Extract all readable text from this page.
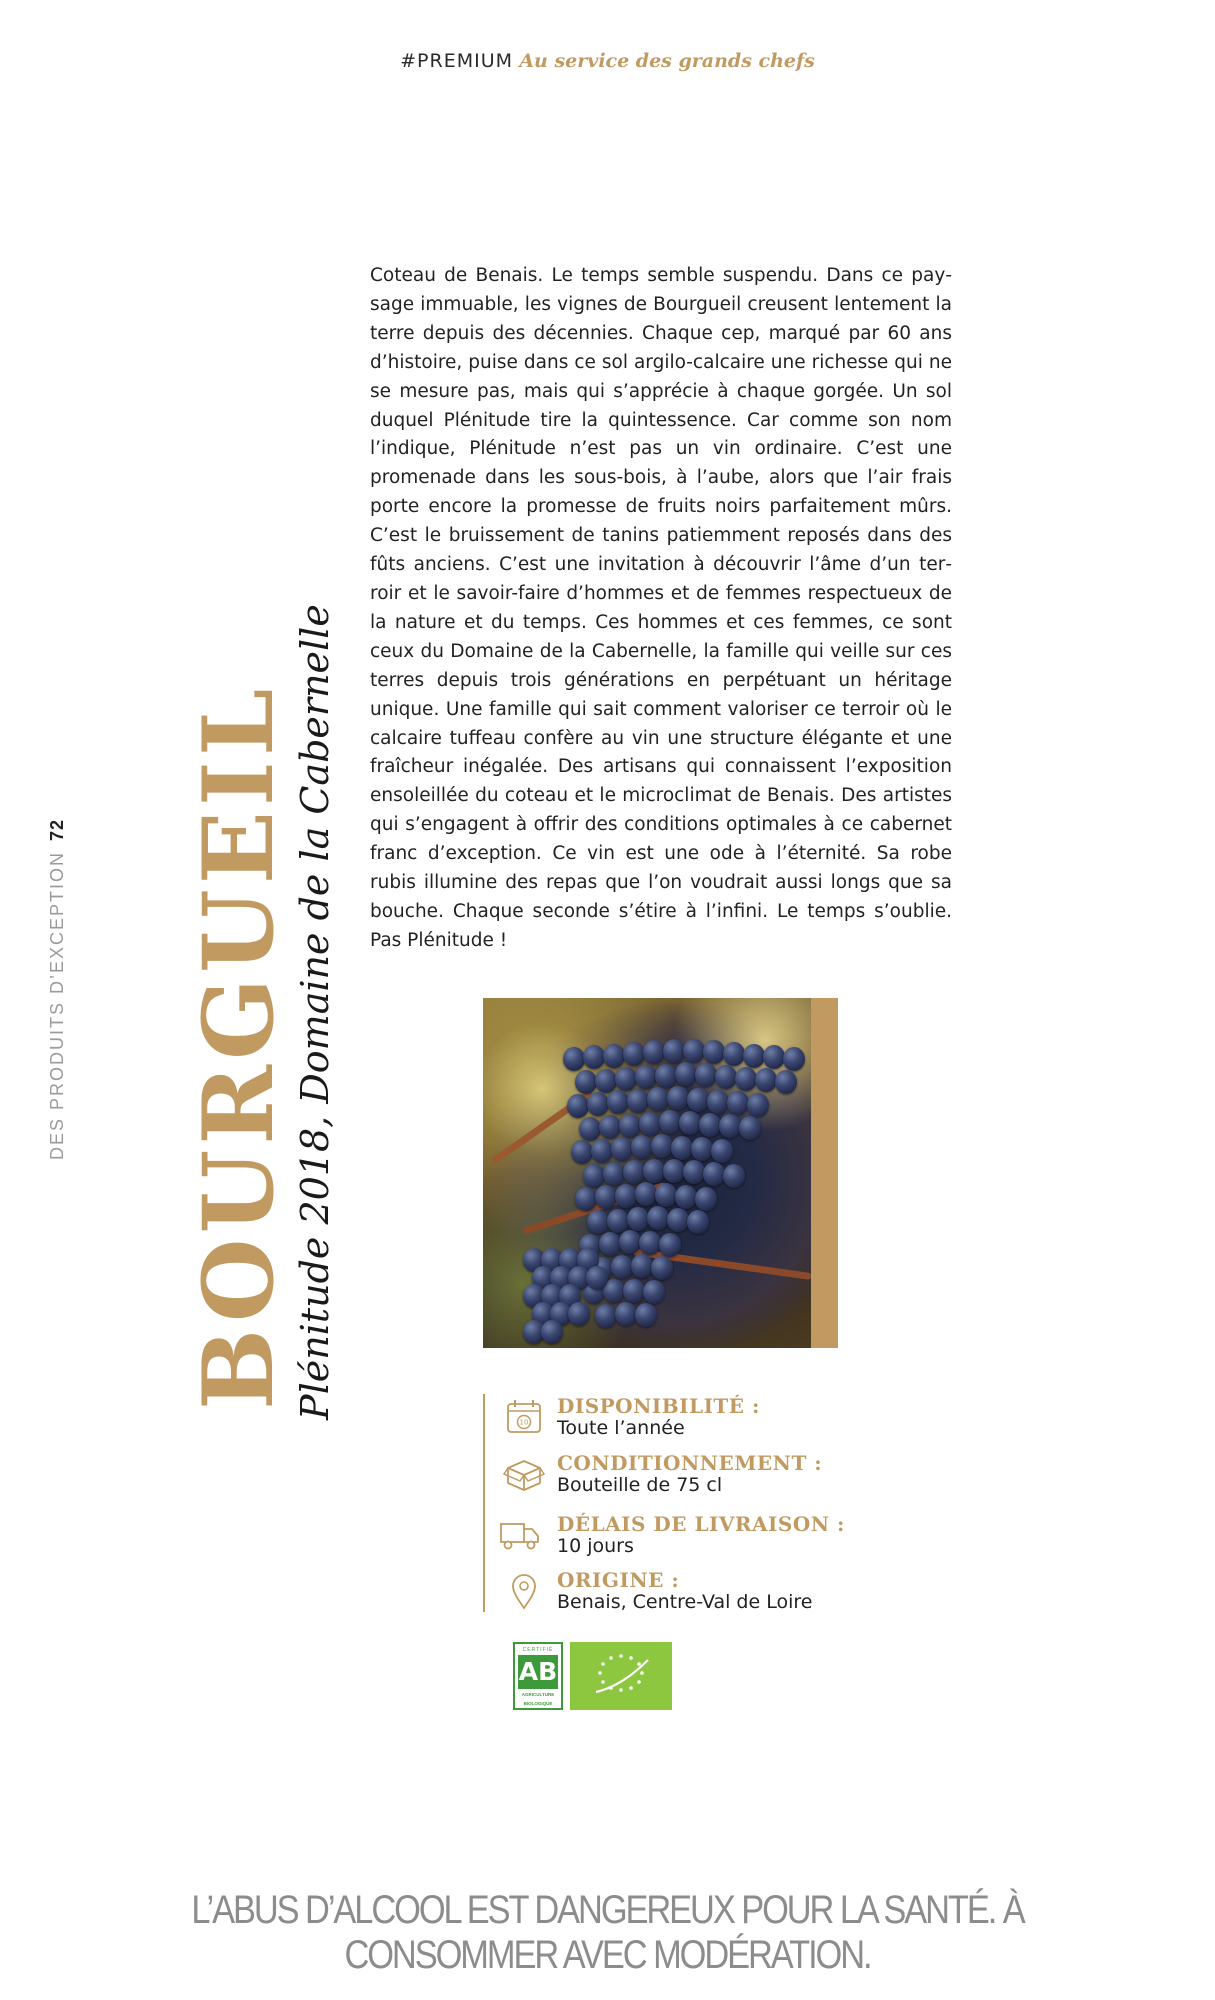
#PREMIUM Au service des grands chefs
DES PRODUITS D’EXCEPTION72 BOURGUEIL
Plénitude 2018, Domaine de la Cabernelle

Coteau de Benais. Le temps semble suspendu. Dans ce paysage immuable, les vignes de Bourgueil creusent lentement la terre depuis des décennies. Chaque cep, marqué par 60 ans d’histoire, puise dans ce sol argilo-calcaire une richesse qui ne se mesure pas, mais qui s’apprécie à chaque gorgée. Un sol duquel Plénitude tire la quintessence. Car comme son nom l’indique, Plénitude n’est pas un vin ordinaire. C’est une promenade dans les sous-bois, à l’aube, alors que l’air frais porte encore la promesse de fruits noirs parfaitement mûrs. C’est le bruissement de tanins patiemment reposés dans des fûts anciens. C’est une invitation à découvrir l’âme d’un terroir et le savoir-faire d’hommes et de femmes respectueux de la nature et du temps. Ces hommes et ces femmes, ce sont ceux du Domaine de la Cabernelle, la famille qui veille sur ces terres depuis trois générations en perpétuant un héritage unique. Une famille qui sait comment valoriser ce terroir où le calcaire tuffeau confère au vin une structure élégante et une fraîcheur inégalée. Des artisans qui connaissent l’exposition ensoleillée du coteau et le microclimat de Benais. Des artistes qui s’engagent à offrir des conditions optimales à ce cabernet franc d’exception. Ce vin est une ode à l’éternité. Sa robe rubis illumine des repas que l’on voudrait aussi longs que sa bouche. Chaque seconde s’étire à l’infini. Le temps s’oublie. Pas Plénitude !

10
DISPONIBILITÉ :
Toute l’année
CONDITIONNEMENT :
Bouteille de 75 cl
DÉLAIS DE LIVRAISON :
10 jours
ORIGINE :
Benais, Centre-Val de Loire
CERTIFIÉ
AB
AGRICULTURE
BIOLOGIQUE
L’ABUS D’ALCOOL EST DANGEREUX POUR LA SANTÉ. À CONSOMMER AVEC MODÉRATION.
